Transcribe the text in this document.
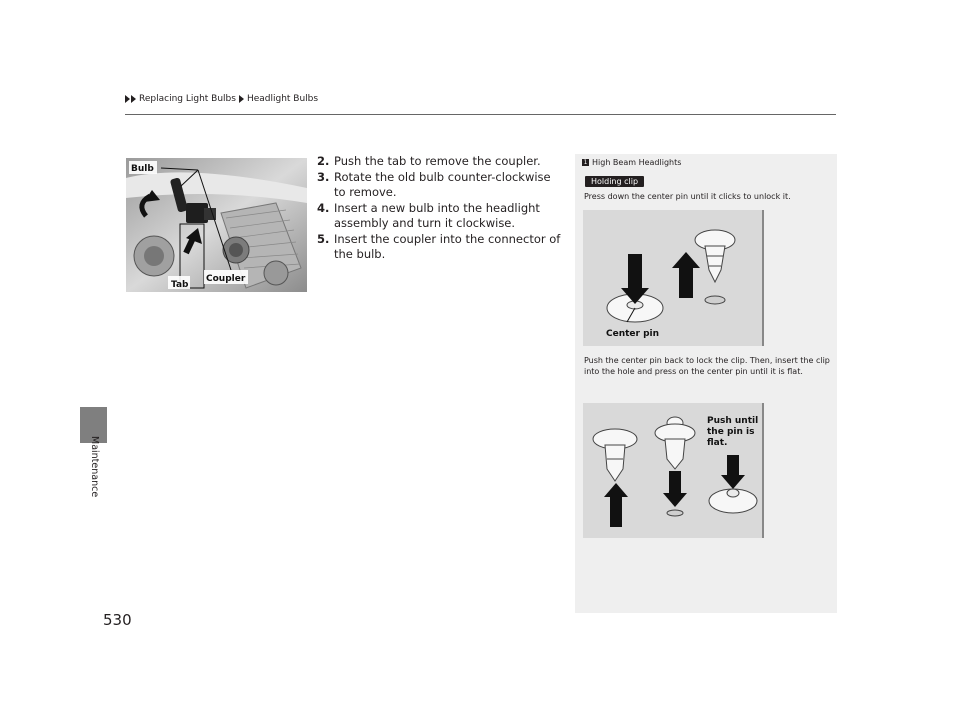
Replacing Light Bulbs Headlight Bulbs
Maintenance
530
Bulb
Tab
Coupler
2. Push the tab to remove the coupler.
3. Rotate the old bulb counter-clockwise to remove.
4. Insert a new bulb into the headlight assembly and turn it clockwise.
5. Insert the coupler into the connector of the bulb.
1 High Beam Headlights
Holding clip
Press down the center pin until it clicks to unlock it.
Center pin
Push the center pin back to lock the clip. Then, insert the clip into the hole and press on the center pin until it is flat.
Push until
the pin is
flat.
